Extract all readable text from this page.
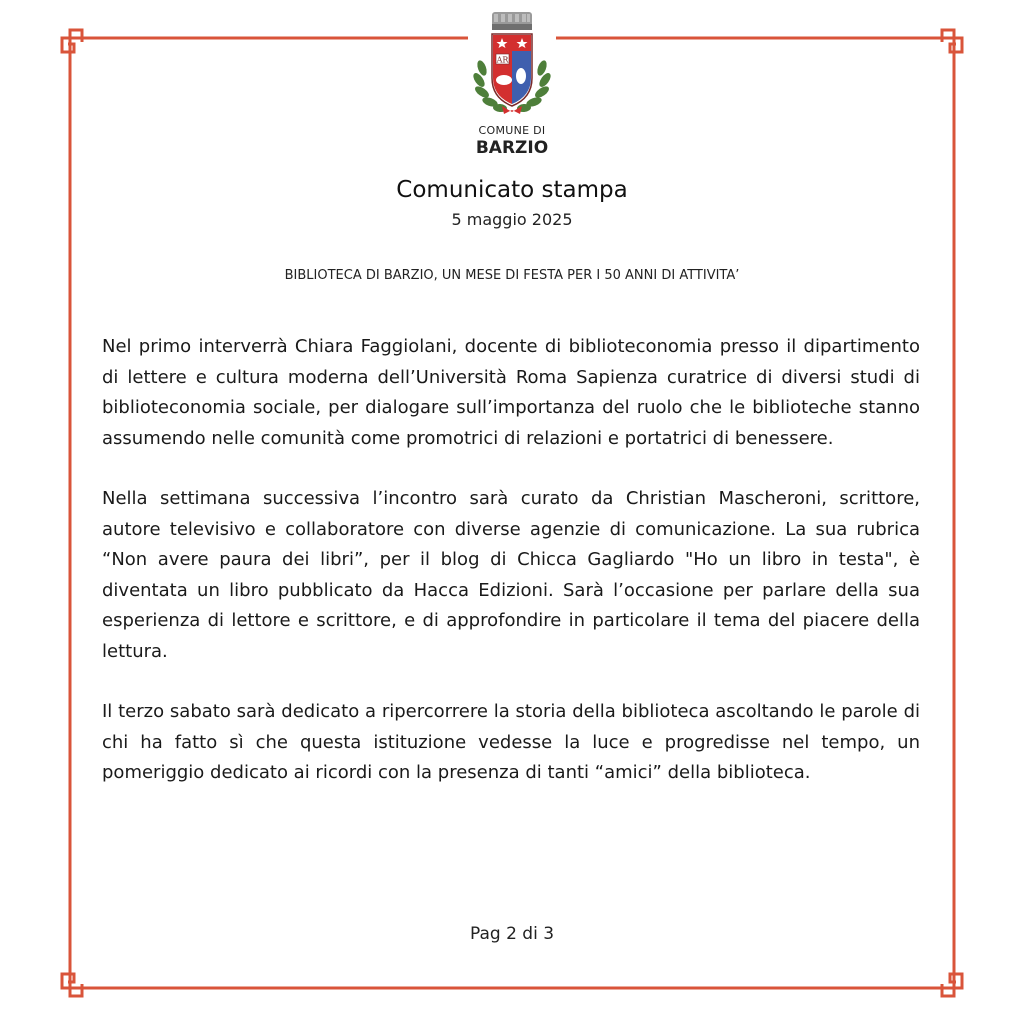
AR
COMUNE DI
BARZIO
Comunicato stampa
5 maggio 2025
BIBLIOTECA DI BARZIO, UN MESE DI FESTA PER I 50 ANNI DI ATTIVITA’

Nel primo interverrà Chiara Faggiolani, docente di biblioteconomia presso il dipartimento di lettere e cultura moderna dell’Università Roma Sapienza curatrice di diversi studi di biblioteconomia sociale, per dialogare sull’importanza del ruolo che le biblioteche stanno assumendo nelle comunità come promotrici di relazioni e portatrici di benessere.

Nella settimana successiva l’incontro sarà curato da Christian Mascheroni, scrittore, autore televisivo e collaboratore con diverse agenzie di comunicazione. La sua rubrica “Non avere paura dei libri”, per il blog di Chicca Gagliardo "Ho un libro in testa", è diventata un libro pubblicato da Hacca Edizioni. Sarà l’occasione per parlare della sua esperienza di lettore e scrittore, e di approfondire in particolare il tema del piacere della lettura.

Il terzo sabato sarà dedicato a ripercorrere la storia della biblioteca ascoltando le parole di chi ha fatto sì che questa istituzione vedesse la luce e progredisse nel tempo, un pomeriggio dedicato ai ricordi con la presenza di tanti “amici” della biblioteca.

Pag 2 di 3
